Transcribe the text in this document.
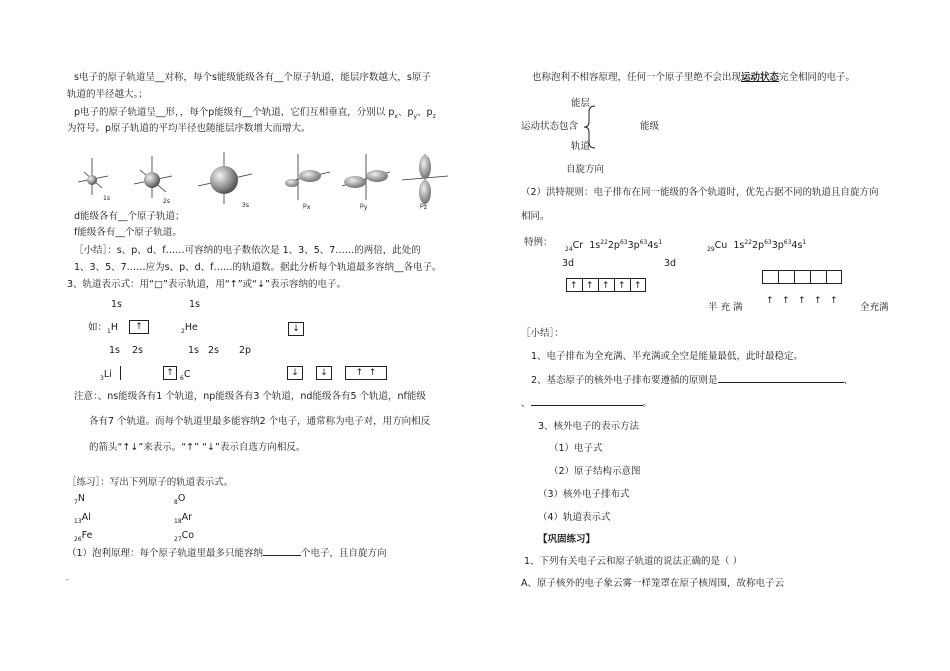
s电子的原子轨道呈__对称，每个s能级能级各有__个原子轨道，能层序数越大，s原子
轨道的半径越大。；
p电子的原子轨道呈__形，，每个p能级有__个轨道，它们互相垂直，分别以 $p_x$、$p_y$、$p_z$
为符号。p原子轨道的平均半径也随能层序数增大而增大。
1s	2s
3s	px	py	pz
d能级各有__个原子轨道；
f能级各有__个原子轨道。
［小结］：s、p、d、f……可容纳的电子数依次是 1、3、5、7……的两倍，此处的
1、3、5、7……应为s、p、d、f……的轨道数。据此分析每个轨道最多容纳__各电子。
3、轨道表示式：用“□”表示轨道，用“↑”或“↓”表示容纳的电子。
1s	1s
如：$_1$H	↑	$_2$He	↓
1s 2s	1s 2s 2p
$_3$Li	↑
$_6$C	↓	↓	↑ ↑
注意：、ns能级各有1 个轨道，np能级各有3 个轨道，nd能级各有5 个轨道，nf能级
各有7 个轨道。而每个轨道里最多能容纳2 个电子，通常称为电子对，用方向相反
的箭头“↑↓”来表示。“↑” “↓”表示自选方向相反。
［练习］：写出下列原子的轨道表示式。
$_7$N	$_8$O
$_{13}$Al	$_{18}$Ar
$_{26}$Fe	$_{27}$Co
（1）泡利原理：每个原子轨道里最多只能容纳	个电子，且自旋方向
-
也称泡利不相容原理，任何一个原子里绝不会出现运动状态完全相同的电子。
能层
运动状态包含	能级
轨道
自旋方向
（2）洪特规则：电子排布在同一能级的各个轨道时，优先占据不同的轨道且自旋方向
相同。
特例：
$_{24}$Cr $1s^{22}2p^{63}3p^{63}4s^1$
$_{29}$Cu $1s^{22}2p^{63}3p^{63}4s^1$
3d	3d
半 充 满	全充满
［小结］：
1、电子排布为全充满、半充满或全空是能量最低，此时最稳定。
2、基态原子的核外电子排布要遵循的原则是	、
、	。
3、核外电子的表示方法
（1）电子式
（2）原子结构示意图
（3）核外电子排布式
（4）轨道表示式
【巩固练习】
1、下列有关电子云和原子轨道的说法正确的是（ ）
A、原子核外的电子象云雾一样笼罩在原子核周围，故称电子云
↑ ↑ ↑ ↑ ↑
↑ ↑ ↑ ↑ ↑
